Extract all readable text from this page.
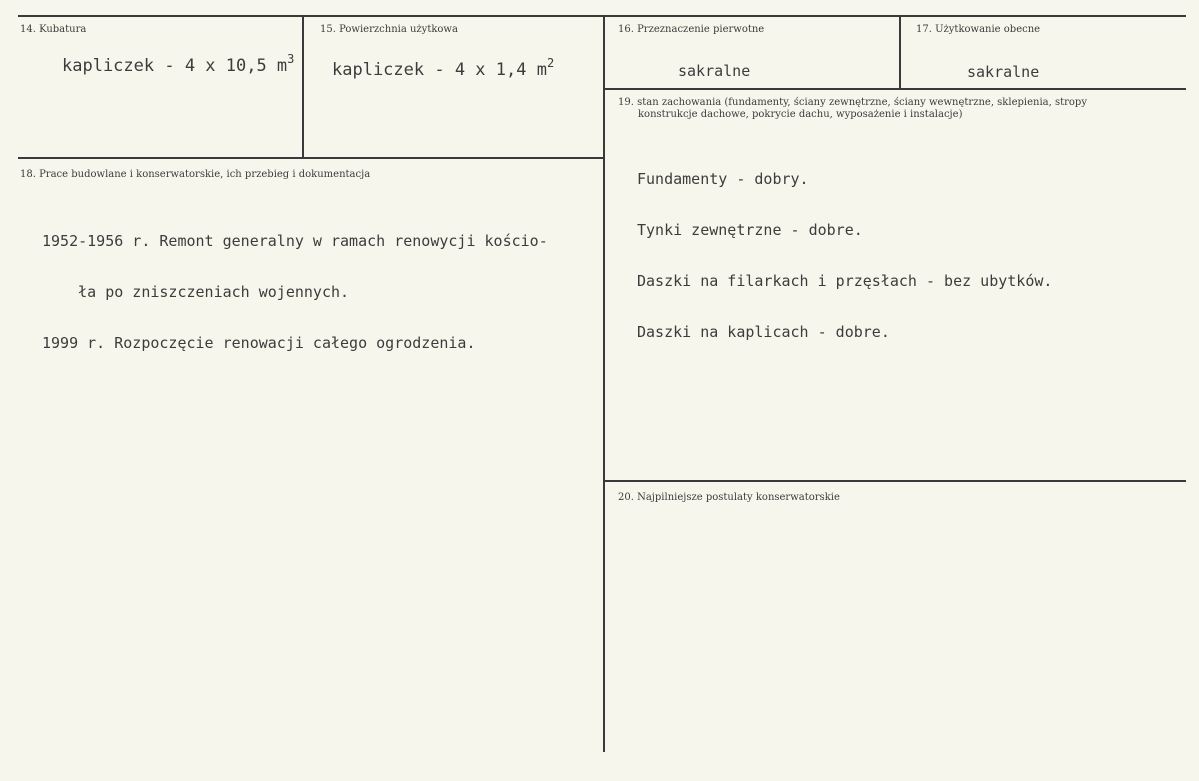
14. Kubatura
kapliczek - 4 x 10,5 $m^3$
15. Powierzchnia użytkowa
kapliczek - 4 x 1,4 $m^2$
16. Przeznaczenie pierwotne
sakralne
17. Użytkowanie obecne
sakralne
18. Prace budowlane i konserwatorskie, ich przebieg i dokumentacja

1952-1956 r. Remont generalny w ramach renowycji kościo-

ła po zniszczeniach wojennych.

1999 r. Rozpoczęcie renowacji całego ogrodzenia.

19. stan zachowania (fundamenty, ściany zewnętrzne, ściany wewnętrzne, sklepienia, stropy
konstrukcje dachowe, pokrycie dachu, wyposażenie i instalacje)

Fundamenty - dobry.

Tynki zewnętrzne - dobre.

Daszki na filarkach i przęsłach - bez ubytków.

Daszki na kaplicach - dobre.

20. Najpilniejsze postulaty konserwatorskie
